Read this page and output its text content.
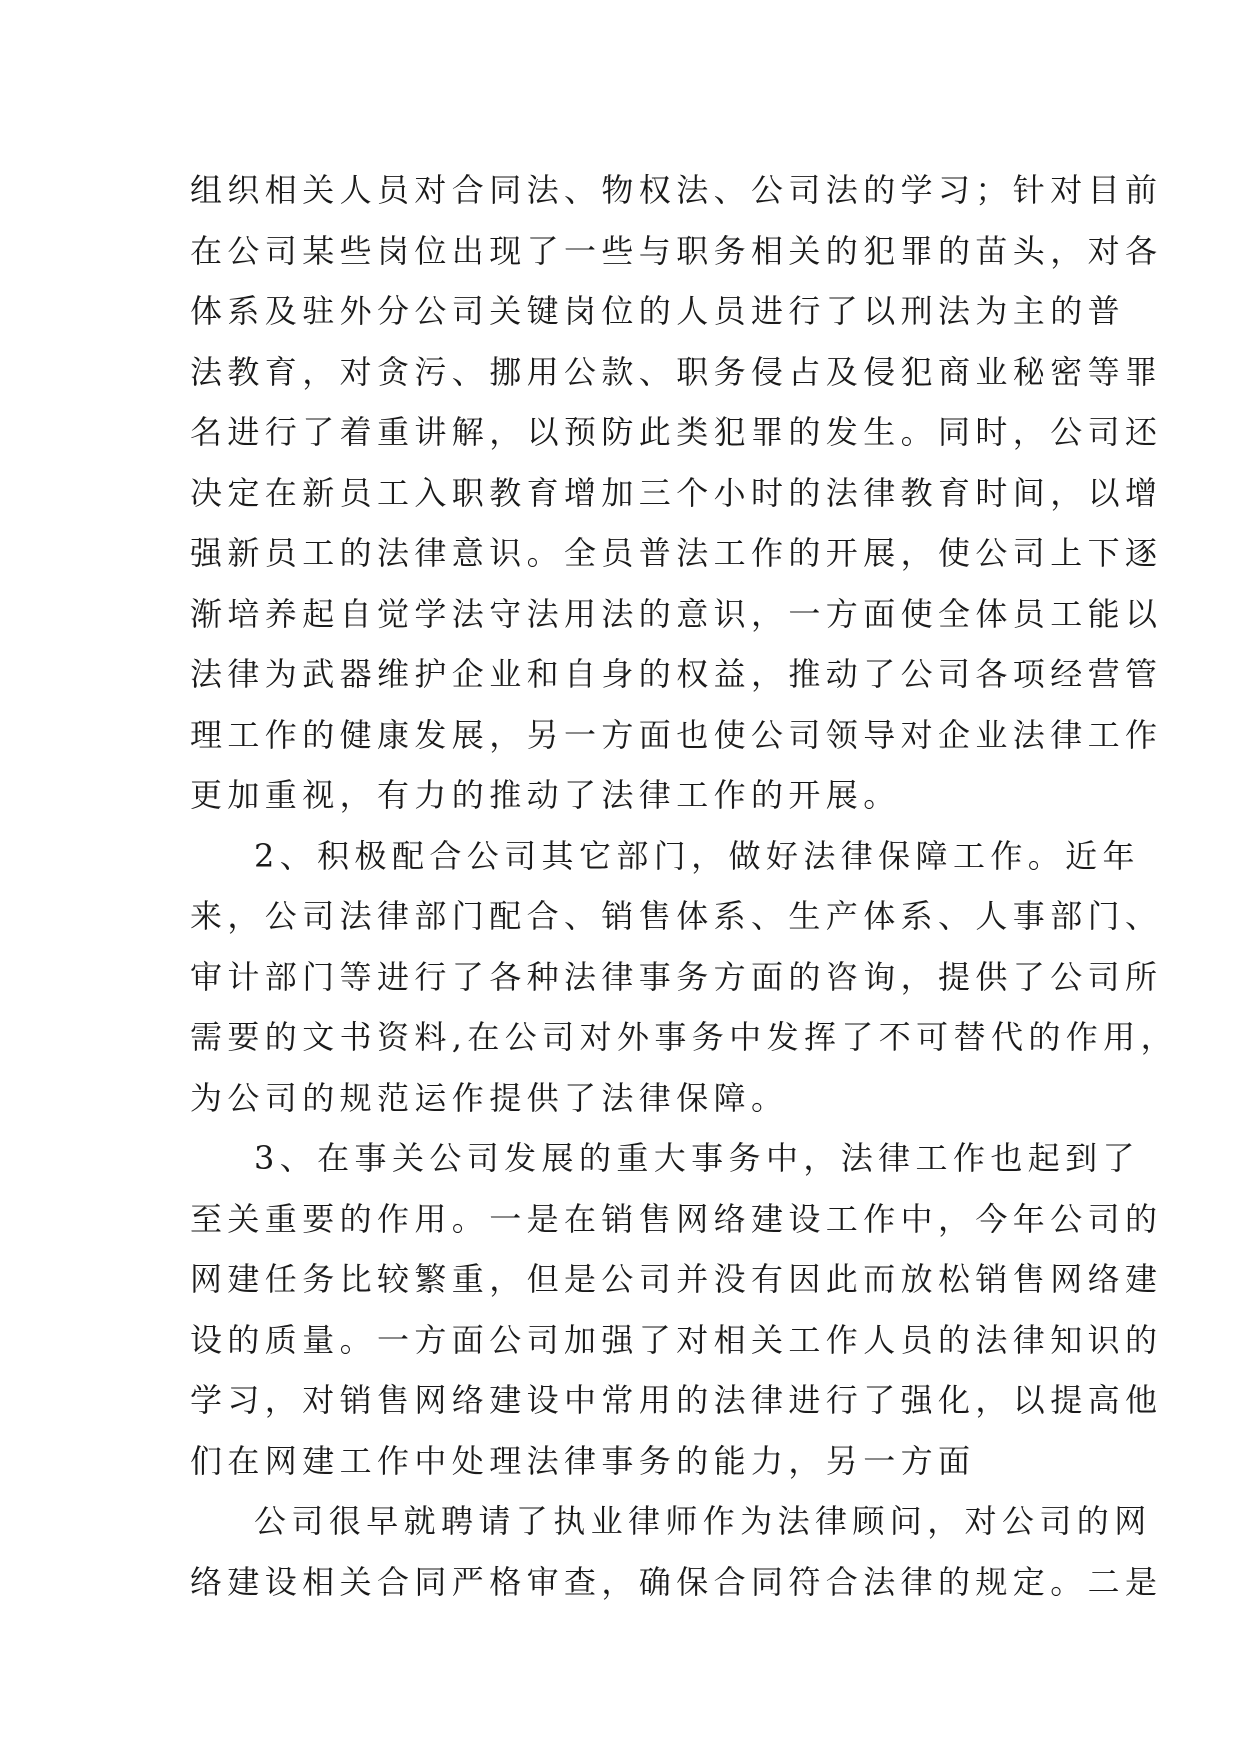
组织相关人员对合同法、物权法、公司法的学习；针对目前
在公司某些岗位出现了一些与职务相关的犯罪的苗头，对各
体系及驻外分公司关键岗位的人员进行了以刑法为主的普
法教育，对贪污、挪用公款、职务侵占及侵犯商业秘密等罪
名进行了着重讲解，以预防此类犯罪的发生。同时，公司还
决定在新员工入职教育增加三个小时的法律教育时间，以增
强新员工的法律意识。全员普法工作的开展，使公司上下逐
渐培养起自觉学法守法用法的意识，一方面使全体员工能以
法律为武器维护企业和自身的权益，推动了公司各项经营管
理工作的健康发展，另一方面也使公司领导对企业法律工作
更加重视，有力的推动了法律工作的开展。
2、积极配合公司其它部门，做好法律保障工作。近年
来，公司法律部门配合、销售体系、生产体系、人事部门、
审计部门等进行了各种法律事务方面的咨询，提供了公司所
需要的文书资料,在公司对外事务中发挥了不可替代的作用，
为公司的规范运作提供了法律保障。
3、在事关公司发展的重大事务中，法律工作也起到了
至关重要的作用。一是在销售网络建设工作中，今年公司的
网建任务比较繁重，但是公司并没有因此而放松销售网络建
设的质量。一方面公司加强了对相关工作人员的法律知识的
学习，对销售网络建设中常用的法律进行了强化，以提高他
们在网建工作中处理法律事务的能力，另一方面
公司很早就聘请了执业律师作为法律顾问，对公司的网
络建设相关合同严格审查，确保合同符合法律的规定。二是
